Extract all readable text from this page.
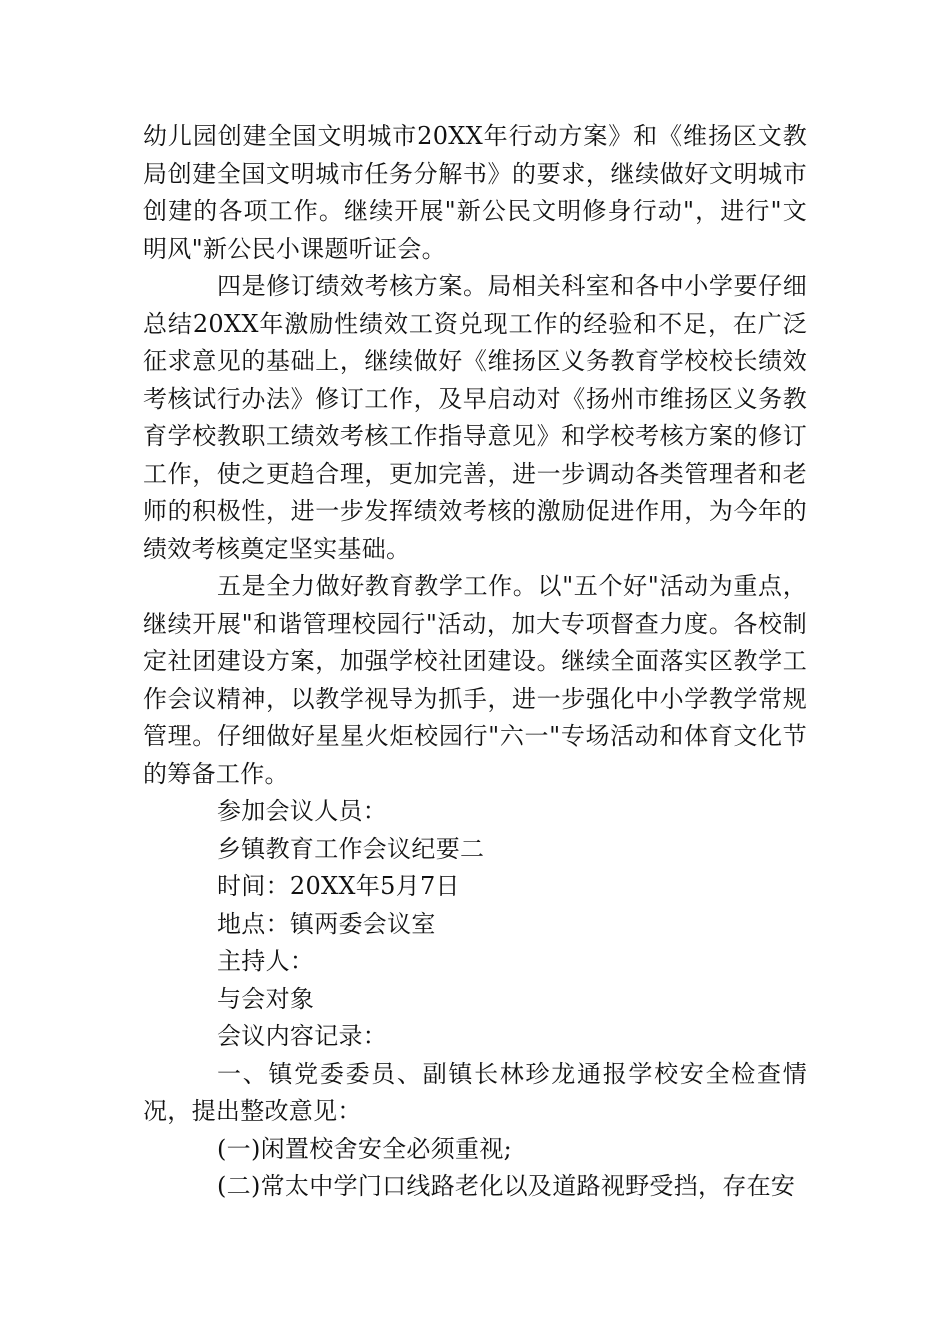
幼儿园创建全国文明城市20XX年行动方案》和《维扬区文教局创建全国文明城市任务分解书》的要求，继续做好文明城市创建的各项工作。继续开展"新公民文明修身行动"，进行"文明风"新公民小课题听证会。

四是修订绩效考核方案。局相关科室和各中小学要仔细总结20XX年激励性绩效工资兑现工作的经验和不足，在广泛征求意见的基础上，继续做好《维扬区义务教育学校校长绩效考核试行办法》修订工作，及早启动对《扬州市维扬区义务教育学校教职工绩效考核工作指导意见》和学校考核方案的修订工作，使之更趋合理，更加完善，进一步调动各类管理者和老师的积极性，进一步发挥绩效考核的激励促进作用，为今年的绩效考核奠定坚实基础。

五是全力做好教育教学工作。以"五个好"活动为重点，继续开展"和谐管理校园行"活动，加大专项督查力度。各校制定社团建设方案，加强学校社团建设。继续全面落实区教学工作会议精神，以教学视导为抓手，进一步强化中小学教学常规管理。仔细做好星星火炬校园行"六一"专场活动和体育文化节的筹备工作。

参加会议人员：

乡镇教育工作会议纪要二

时间：20XX年5月7日

地点：镇两委会议室

主持人：

与会对象

会议内容记录：

一、镇党委委员、副镇长林珍龙通报学校安全检查情况，提出整改意见：

(一)闲置校舍安全必须重视;

(二)常太中学门口线路老化以及道路视野受挡，存在安
